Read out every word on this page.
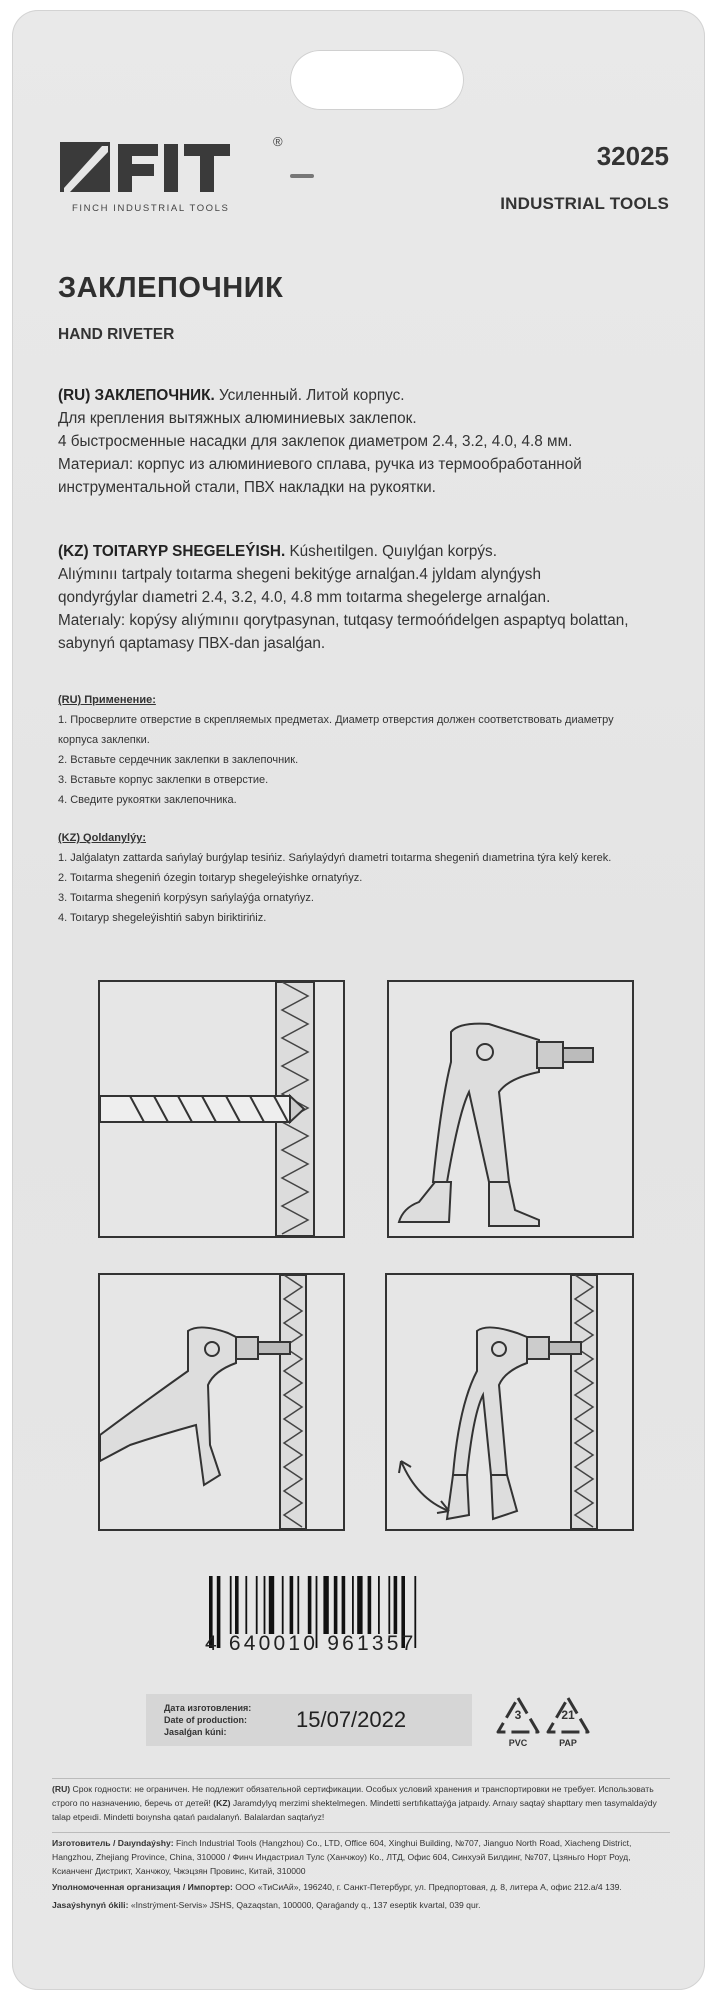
®
FINCH INDUSTRIAL TOOLS
32025
INDUSTRIAL TOOLS
ЗАКЛЕПОЧНИК
HAND RIVETER
(RU) ЗАКЛЕПОЧНИК. Усиленный. Литой корпус.
Для крепления вытяжных алюминиевых заклепок.
4 быстросменные насадки для заклепок диаметром 2.4, 3.2, 4.0, 4.8 мм.
Материал: корпус из алюминиевого сплава, ручка из термообработанной
инструментальной стали, ПВХ накладки на рукоятки.
(KZ) TOITARYP SHEGELEÝISH. Kúsheıtilgen. Quıylǵan korpýs.
Alıýmınıı tartpaly toıtarma shegeni bekitýge arnalǵan.4 jyldam alynǵysh
qondyrǵylar dıametri 2.4, 3.2, 4.0, 4.8 mm toıtarma shegelerge arnalǵan.
Materıaly: kopýsy alıýmınıı qorytpasynan, tutqasy termoóńdelgen aspaptyq bolattan,
sabynyń qaptamasy ПВХ-dan jasalǵan.
(RU) Применение:
1. Просверлите отверстие в скрепляемых предметах. Диаметр отверстия должен соответствовать диаметру
корпуса заклепки.
2. Вставьте сердечник заклепки в заклепочник.
3. Вставьте корпус заклепки в отверстие.
4. Сведите рукоятки заклепочника.
(KZ) Qoldanylýy:
1. Jalǵalatyn zattarda sańylaý burǵylap tesińiz. Sańylaýdyń dıametri toıtarma shegeniń dıametrina týra kelý kerek.
2. Toıtarma shegeniń ózegin toıtaryp shegeleýishke ornatyńyz.
3. Toıtarma shegeniń korpýsyn sańylaýǵa ornatyńyz.
4. Toıtaryp shegeleýishtiń sabyn biriktirińiz.
4 640010 961357
Дата изготовления:
Date of production:
Jasalǵan kúni:	15/07/2022	3
PVC
21
PAP
(RU) Срок годности: не ограничен. Не подлежит обязательной сертификации. Особых условий хранения и транспортировки не требует. Использовать строго по назначению, беречь от детей! (KZ) Jaramdylyq merzimi shektelmegen. Mindetti sertıfıkattaýǵa jatpaıdy. Arnaıy saqtaý shарttary men tasymaldaýdy talap etpeıdi. Mindetti boıynsha qatań paıdalanyń. Balalardan saqtańyz!
Изготовитель / Daıyndaýshy: Finch Industrial Tools (Hangzhou) Co., LTD, Office 604, Xinghui Building, №707, Jianguo North Road, Xiacheng District, Hangzhou, Zhejiang Province, China, 310000 / Финч Индастриал Тулс (Ханчжоу) Ко., ЛТД, Офис 604, Синхуэй Билдинг, №707, Цзяньго Норт Роуд, Ксианченг Дистрикт, Ханчжоу, Чжэцзян Провинс, Китай, 310000
Уполномоченная организация / Импортер: ООО «ТиСиАй», 196240, г. Санкт-Петербург, ул. Предпортовая, д. 8, литера А, офис 212.а/4 139.
Jasaýshynyń ókili: «Instrýment-Servis» JSHS, Qazaqstan, 100000, Qaraǵandy q., 137 eseptik kvartal, 039 qur.
